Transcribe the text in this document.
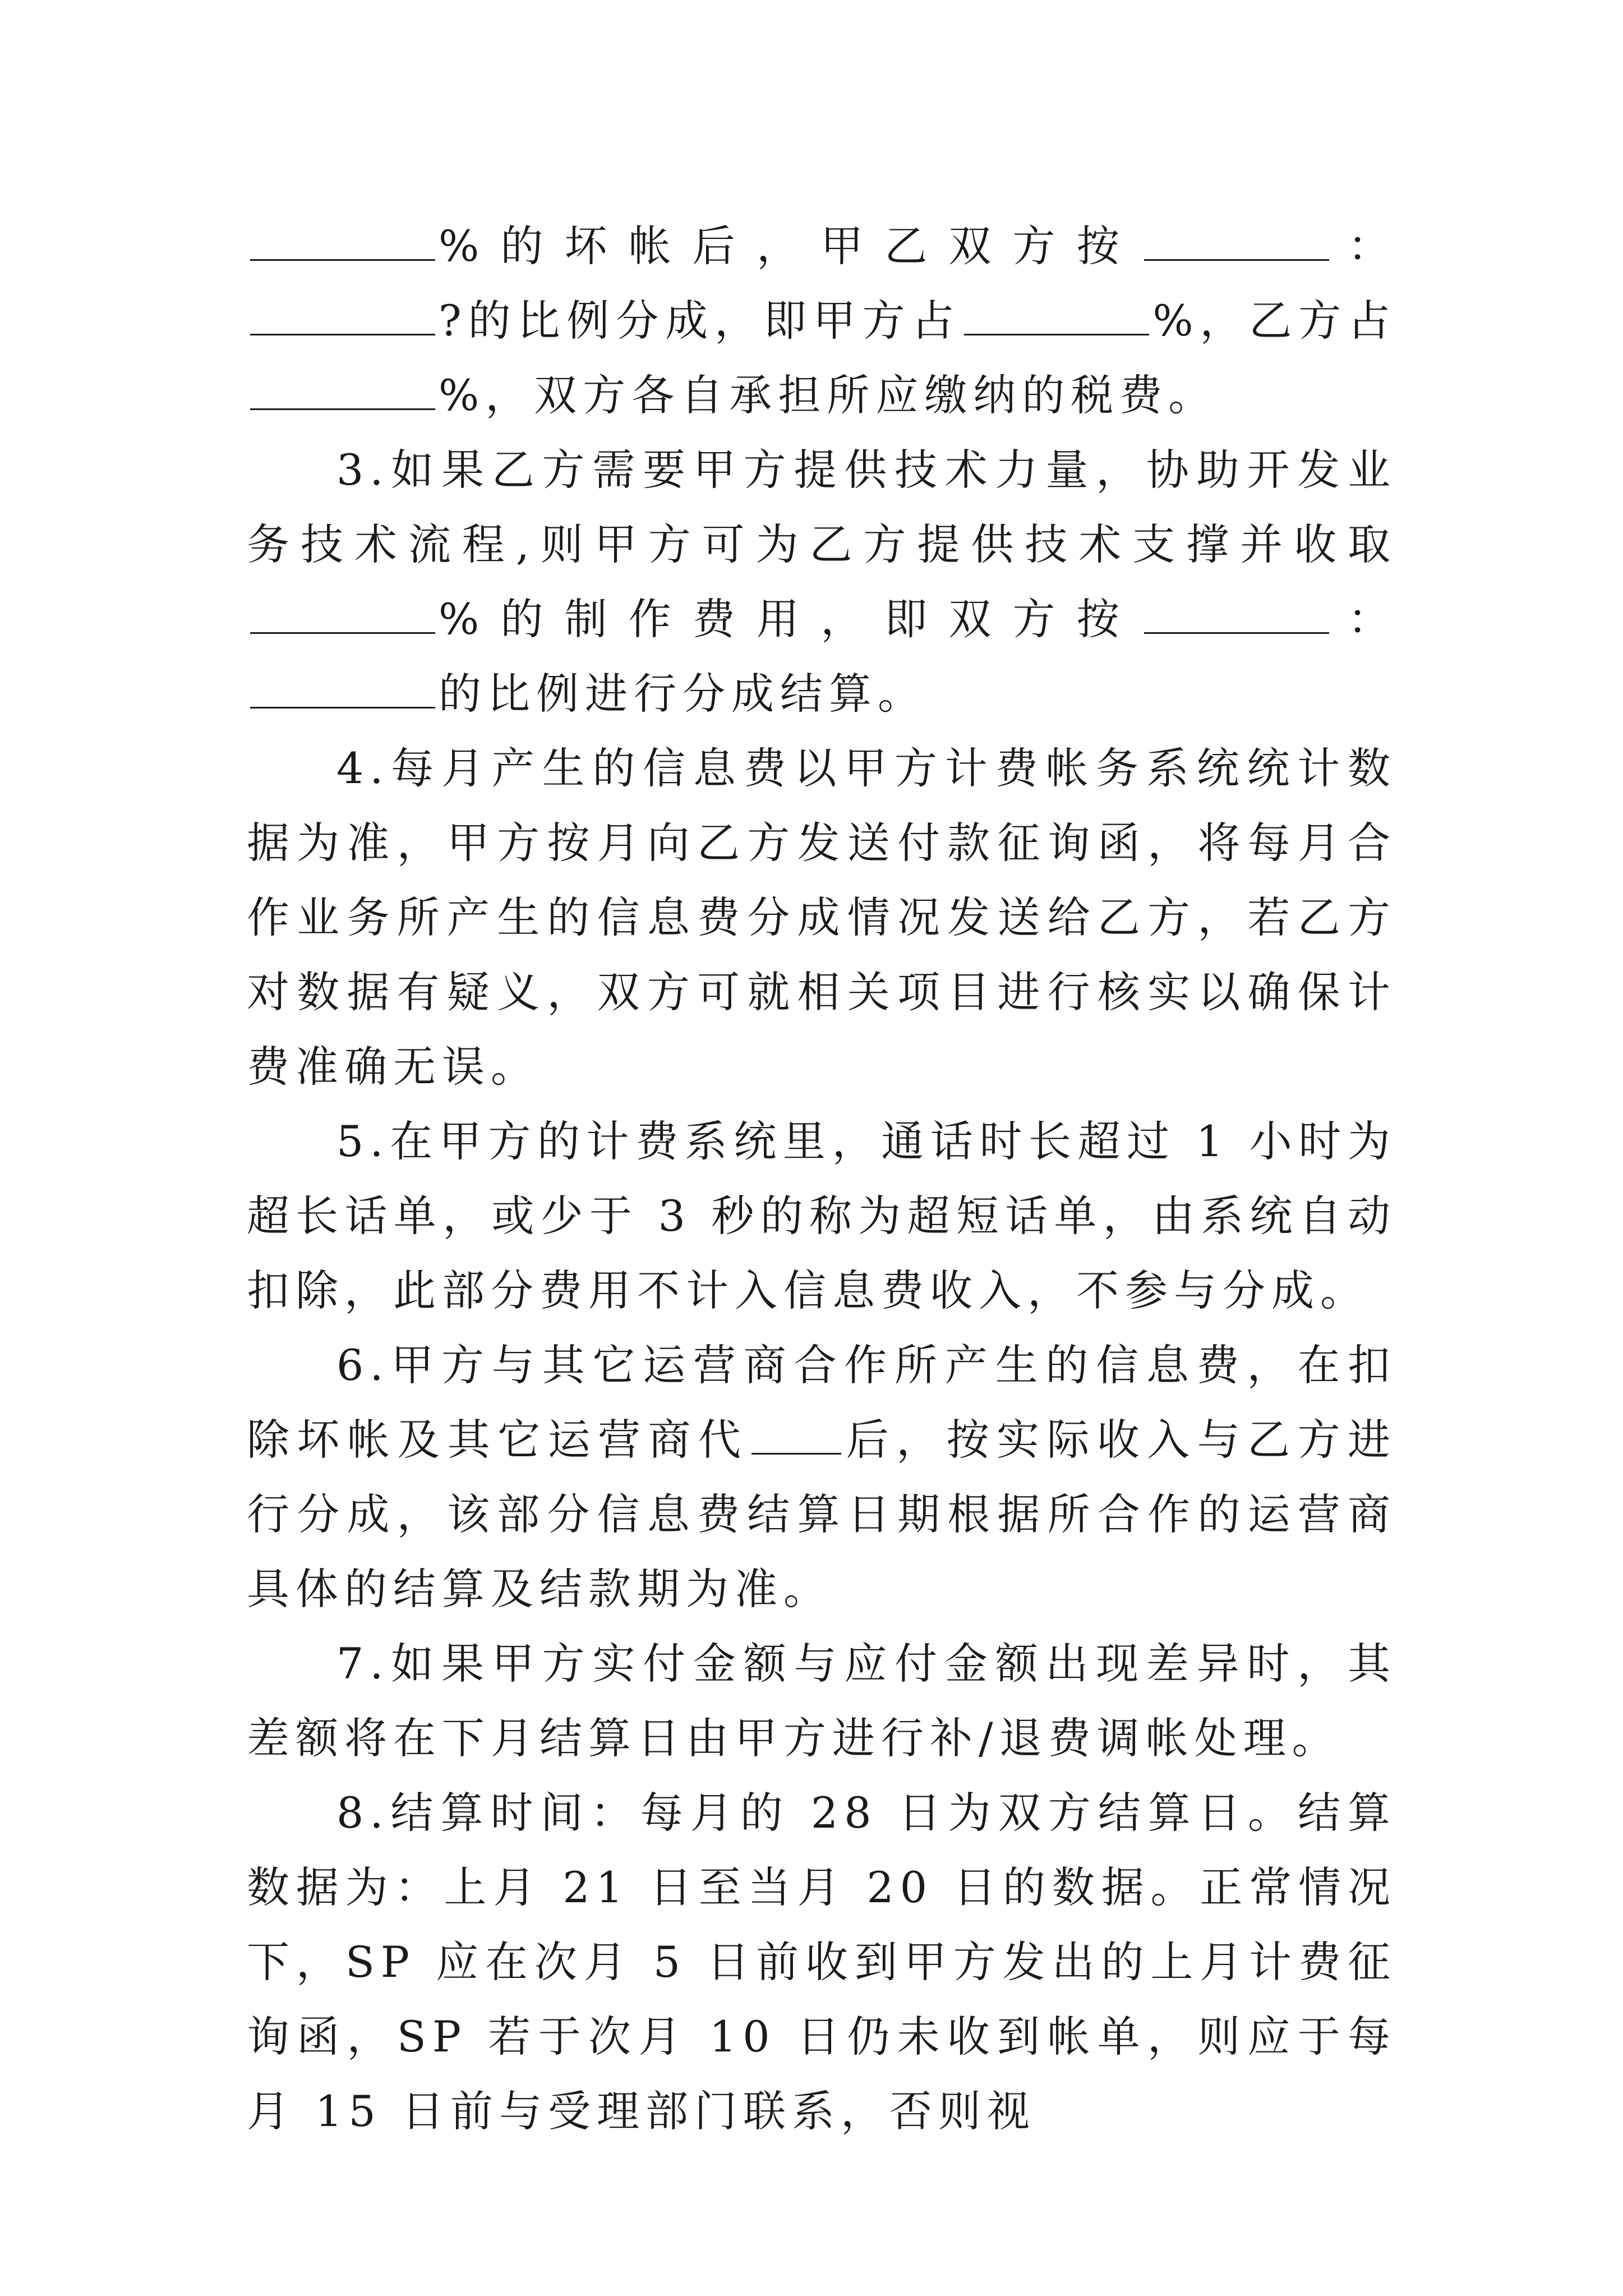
%的坏帐后，甲乙双方按	：?的比例分成，即甲方占	%，乙方占%，双方各自承担所应缴纳的税费。

3.如果乙方需要甲方提供技术力量，协助开发业务技术流程,则甲方可为乙方提供技术支撑并收取%的制作费用，即双方按	：的比例进行分成结算。

4.每月产生的信息费以甲方计费帐务系统统计数据为准，甲方按月向乙方发送付款征询函，将每月合作业务所产生的信息费分成情况发送给乙方，若乙方对数据有疑义，双方可就相关项目进行核实以确保计费准确无误。

5.在甲方的计费系统里，通话时长超过 1 小时为超长话单，或少于 3 秒的称为超短话单，由系统自动扣除，此部分费用不计入信息费收入，不参与分成。

6.甲方与其它运营商合作所产生的信息费，在扣除坏帐及其它运营商代 后，按实际收入与乙方进行分成，该部分信息费结算日期根据所合作的运营商具体的结算及结款期为准。

7.如果甲方实付金额与应付金额出现差异时，其差额将在下月结算日由甲方进行补/退费调帐处理。

8.结算时间：每月的 28 日为双方结算日。结算数据为：上月 21 日至当月 20 日的数据。正常情况下，SP 应在次月 5 日前收到甲方发出的上月计费征询函，SP 若于次月 10 日仍未收到帐单，则应于每月 15 日前与受理部门联系，否则视
